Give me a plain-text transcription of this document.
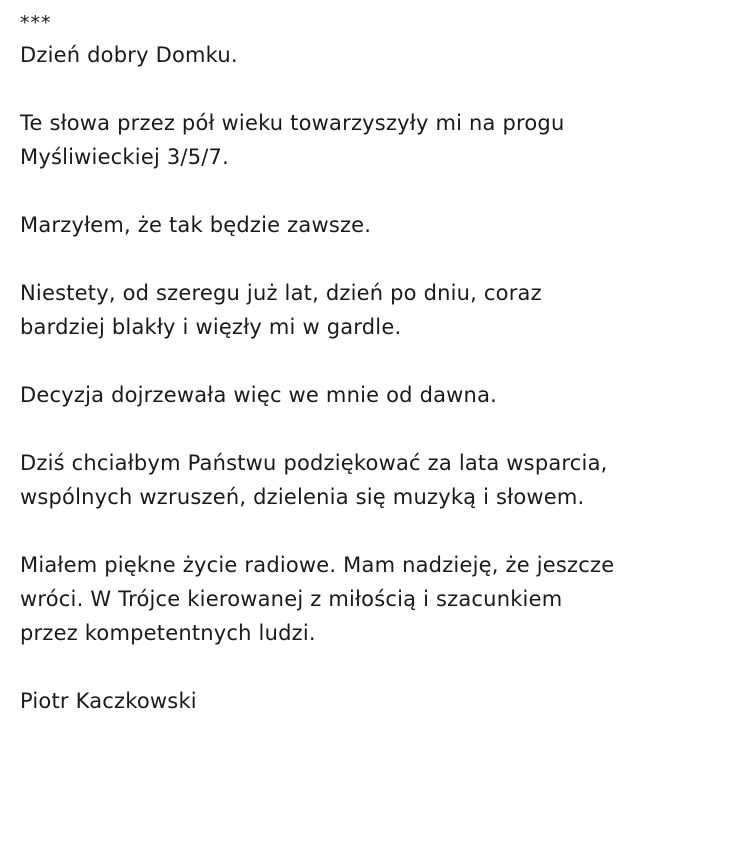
***
Dzień dobry Domku.
Te słowa przez pół wieku towarzyszyły mi na progu
Myśliwieckiej 3/5/7.
Marzyłem, że tak będzie zawsze.
Niestety, od szeregu już lat, dzień po dniu, coraz
bardziej blakły i więzły mi w gardle.
Decyzja dojrzewała więc we mnie od dawna.
Dziś chciałbym Państwu podziękować za lata wsparcia,
wspólnych wzruszeń, dzielenia się muzyką i słowem.
Miałem piękne życie radiowe. Mam nadzieję, że jeszcze
wróci. W Trójce kierowanej z miłością i szacunkiem
przez kompetentnych ludzi.
Piotr Kaczkowski
